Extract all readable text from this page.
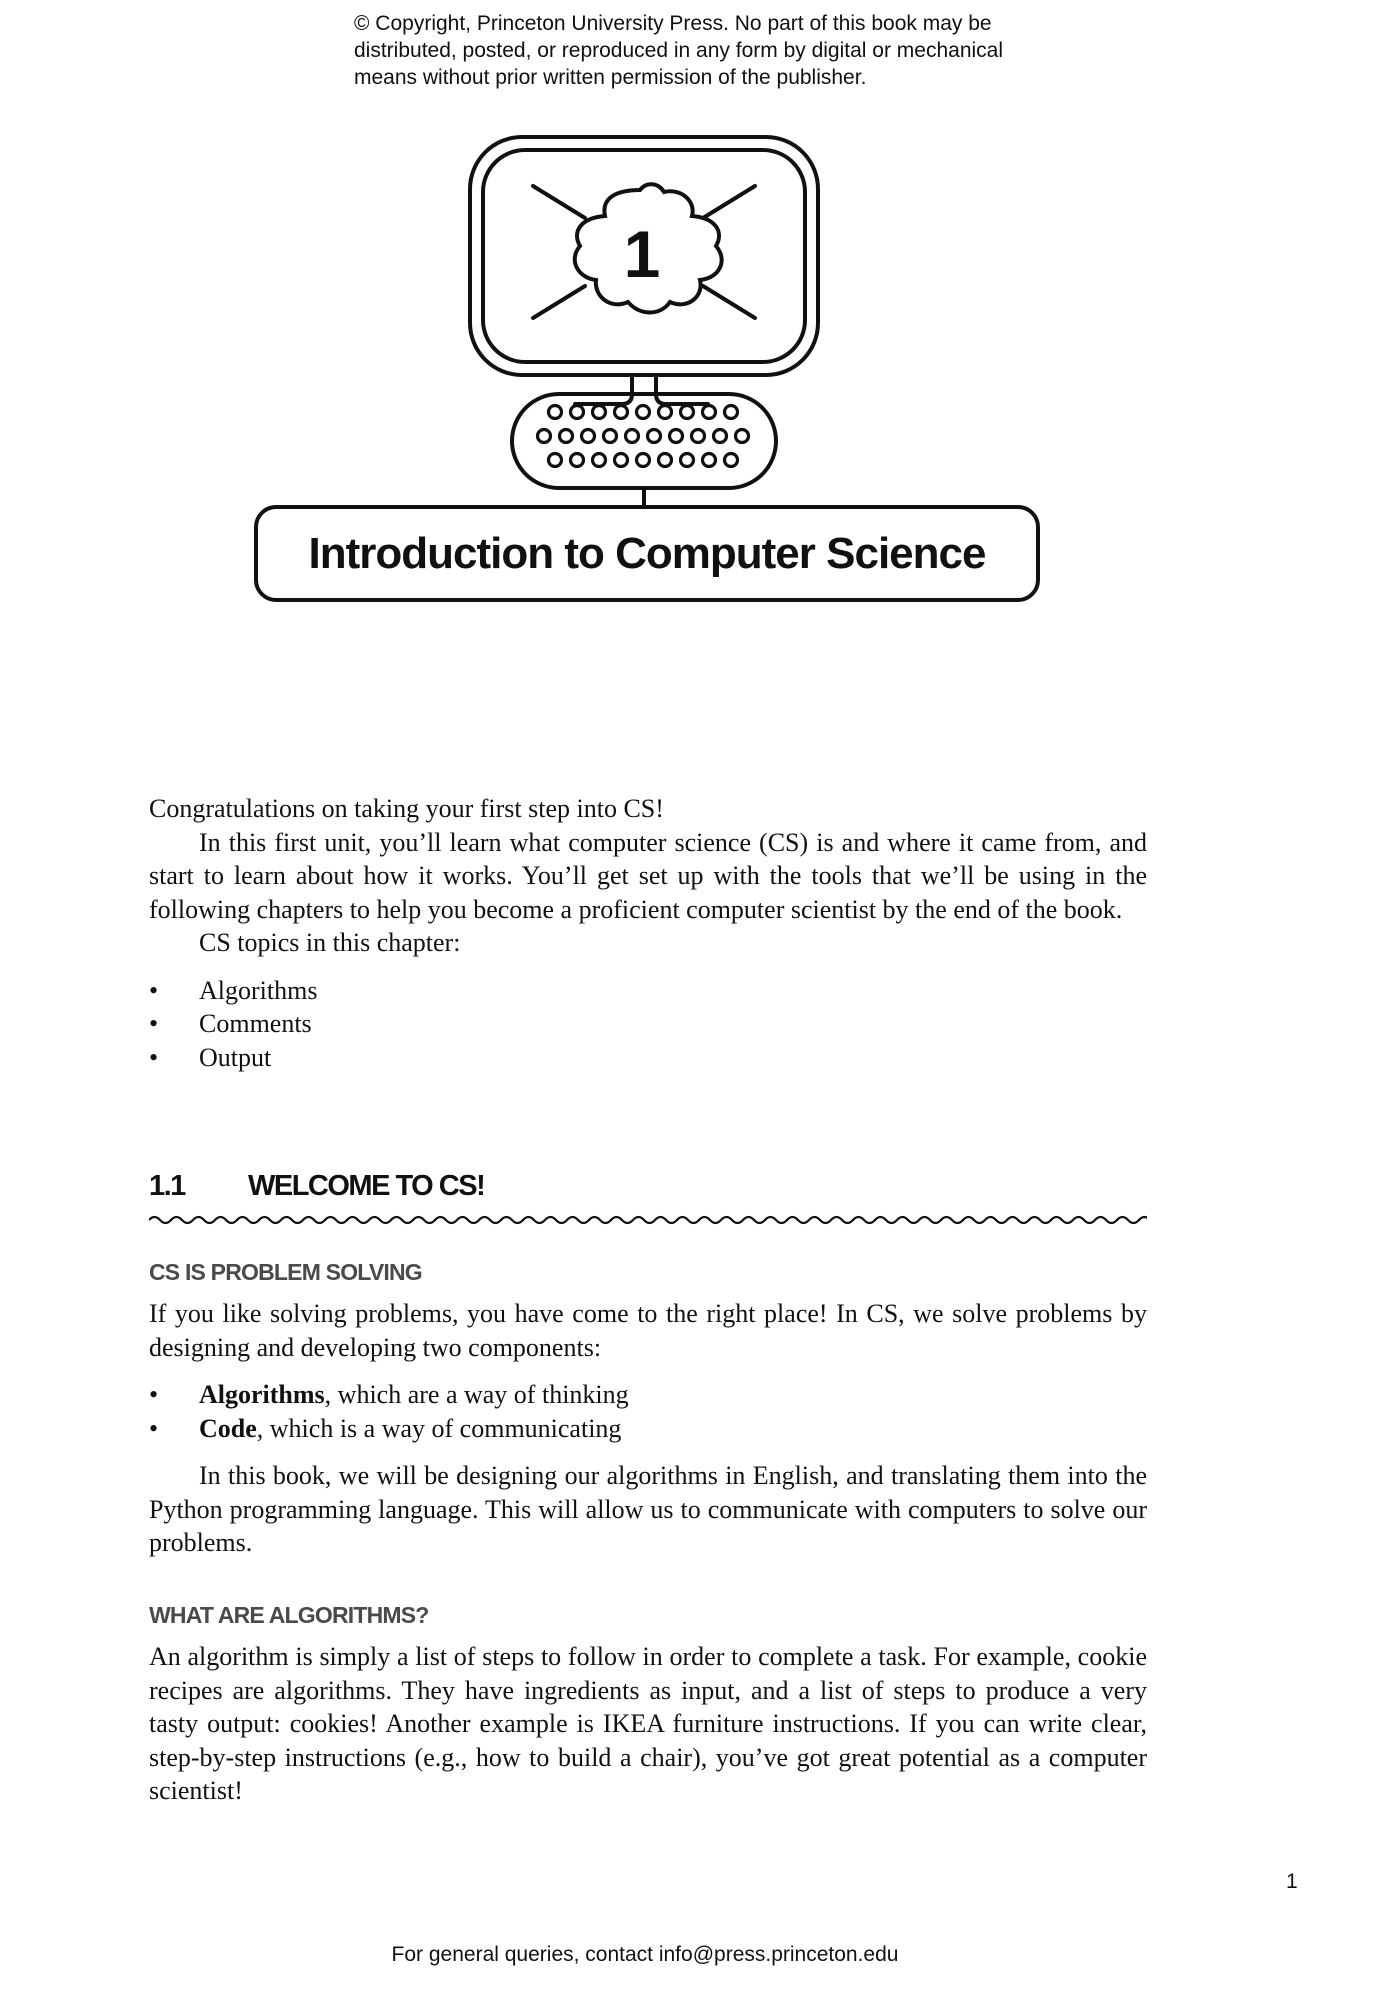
© Copyright, Princeton University Press. No part of this book may be
distributed, posted, or reproduced in any form by digital or mechanical
means without prior written permission of the publisher.
1
Introduction to Computer Science

Congratulations on taking your first step into CS!

In this first unit, you’ll learn what computer science (CS) is and where it came from, and start to learn about how it works. You’ll get set up with the tools that we’ll be using in the following chapters to help you become a proficient computer scientist by the end of the book.

CS topics in this chapter:

• Algorithms
• Comments
• Output
1.1 WELCOME TO CS!
CS IS PROBLEM SOLVING

If you like solving problems, you have come to the right place! In CS, we solve problems by designing and developing two components:

• Algorithms, which are a way of thinking
• Code, which is a way of communicating

In this book, we will be designing our algorithms in English, and translating them into the Python programming language. This will allow us to communicate with computers to solve our problems.

WHAT ARE ALGORITHMS?

An algorithm is simply a list of steps to follow in order to complete a task. For example, cookie recipes are algorithms. They have ingredients as input, and a list of steps to produce a very tasty output: cookies! Another example is IKEA furniture instructions. If you can write clear, step-by-step instructions (e.g., how to build a chair), you’ve got great potential as a computer scientist!

1
For general queries, contact info@press.princeton.edu
